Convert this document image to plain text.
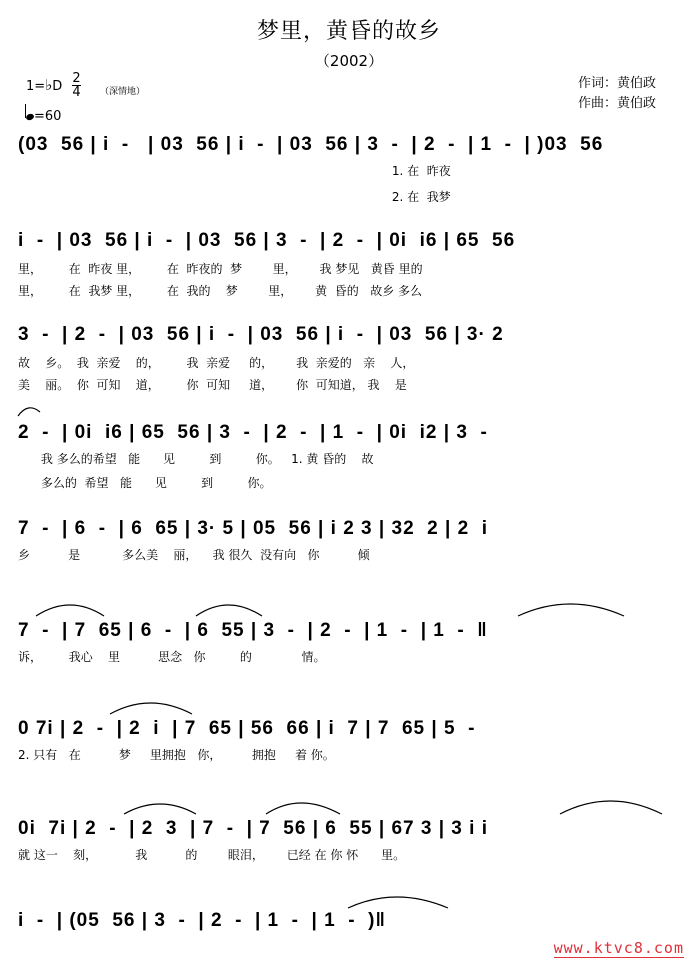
梦里，黄昏的故乡
（2002）
作词：黄伯政
作曲：黄伯政
1=♭D
2
4 （深情地）
=60
(03  56 | i  -   | 03  56 | i  -  | 03  56 | 3  -  | 2  -  | 1  -  | )03  56
1. 在  昨夜
2. 在  我梦
i  -  | 03  56 | i  -  | 03  56 | 3  -  | 2  -  | 0i  i6 | 65  56
里，       在  昨夜 里，       在  昨夜的  梦        里，      我 梦见   黄昏 里的
里，       在  我梦 里，       在  我的    梦        里，      黄  昏的   故乡 多么
3  -  | 2  -  | 03  56 | i  -  | 03  56 | i  -  | 03  56 | 3· 2
故    乡。  我  亲爱    的，       我  亲爱     的，      我  亲爱的   亲    人，
美    丽。  你  可知    道，       你  可知     道，      你  可知道， 我    是
2  -  | 0i  i6 | 65  56 | 3  -  | 2  -  | 1  -  | 0i  i2 | 3  -
我 多么的希望   能      见         到         你。   1. 黄 昏的    故
多么的  希望   能      见         到         你。
7  -  | 6  -  | 6  65 | 3· 5 | 05  56 | i 2 3 | 32  2 | 2  i
乡          是           多么美    丽，    我 很久  没有向   你          倾
7  -  | 7  65 | 6  -  | 6  55 | 3  -  | 2  -  | 1  -  | 1  -  ‖
诉，       我心    里          思念   你         的             情。
0 7i | 2  -  | 2  i  | 7  65 | 56  66 | i  7 | 7  65 | 5  -
2. 只有   在          梦     里拥抱   你，        拥抱     着 你。
0i  7i | 2  -  | 2  3  | 7  -  | 7  56 | 6  55 | 67 3 | 3 i i
就 这一    刻，          我          的        眼泪，      已经 在 你 怀      里。
i  -  | (05  56 | 3  -  | 2  -  | 1  -  | 1  -  )‖
www.ktvc8.com
